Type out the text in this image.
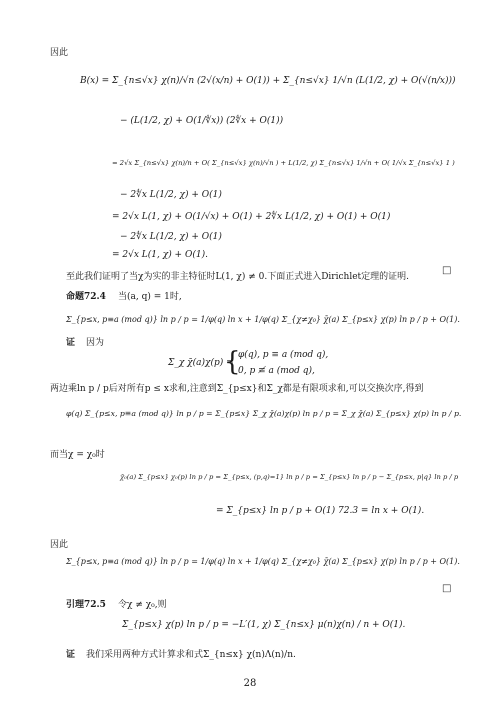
因此
B(x) = Σ_{n≤√x} χ(n)/√n (2√(x/n) + O(1)) + Σ_{n≤√x} 1/√n (L(1/2, χ) + O(√(n/x)))
− (L(1/2, χ) + O(1/∜x)) (2∜x + O(1))
= 2√x Σ_{n≤√x} χ(n)/n + O( Σ_{n≤√x} χ(n)/√n ) + L(1/2, χ) Σ_{n≤√x} 1/√n + O( 1/√x Σ_{n≤√x} 1 )
− 2∜x L(1/2, χ) + O(1)
= 2√x L(1, χ) + O(1/√x) + O(1) + 2∜x L(1/2, χ) + O(1) + O(1)
− 2∜x L(1/2, χ) + O(1)
= 2√x L(1, χ) + O(1).
至此我们证明了当χ为实的非主特征时L(1, χ) ≠ 0.下面正式进入Dirichlet定理的证明.
□
命题72.4 当(a, q) = 1时,
Σ_{p≤x, p≡a (mod q)} ln p / p = 1/φ(q) ln x + 1/φ(q) Σ_{χ≠χ₀} χ̄(a) Σ_{p≤x} χ(p) ln p / p + O(1).
证 因为
Σ_χ χ̄(a)χ(p) =
{
φ(q), p ≡ a (mod q),
0, p ≢ a (mod q),
两边乘ln p / p后对所有p ≤ x求和,注意到Σ_{p≤x}和Σ_χ都是有限项求和,可以交换次序,得到
φ(q) Σ_{p≤x, p≡a (mod q)} ln p / p = Σ_{p≤x} Σ_χ χ̄(a)χ(p) ln p / p = Σ_χ χ̄(a) Σ_{p≤x} χ(p) ln p / p.
而当χ = χ₀时
χ̄₀(a) Σ_{p≤x} χ₀(p) ln p / p = Σ_{p≤x, (p,q)=1} ln p / p = Σ_{p≤x} ln p / p − Σ_{p≤x, p|q} ln p / p
= Σ_{p≤x} ln p / p + O(1) 72.3 = ln x + O(1).
因此
Σ_{p≤x, p≡a (mod q)} ln p / p = 1/φ(q) ln x + 1/φ(q) Σ_{χ≠χ₀} χ̄(a) Σ_{p≤x} χ(p) ln p / p + O(1).
□
引理72.5 令χ ≠ χ₀,则
Σ_{p≤x} χ(p) ln p / p = −L′(1, χ) Σ_{n≤x} μ(n)χ(n) / n + O(1).
证 我们采用两种方式计算求和式Σ_{n≤x} χ(n)Λ(n)/n.
28
